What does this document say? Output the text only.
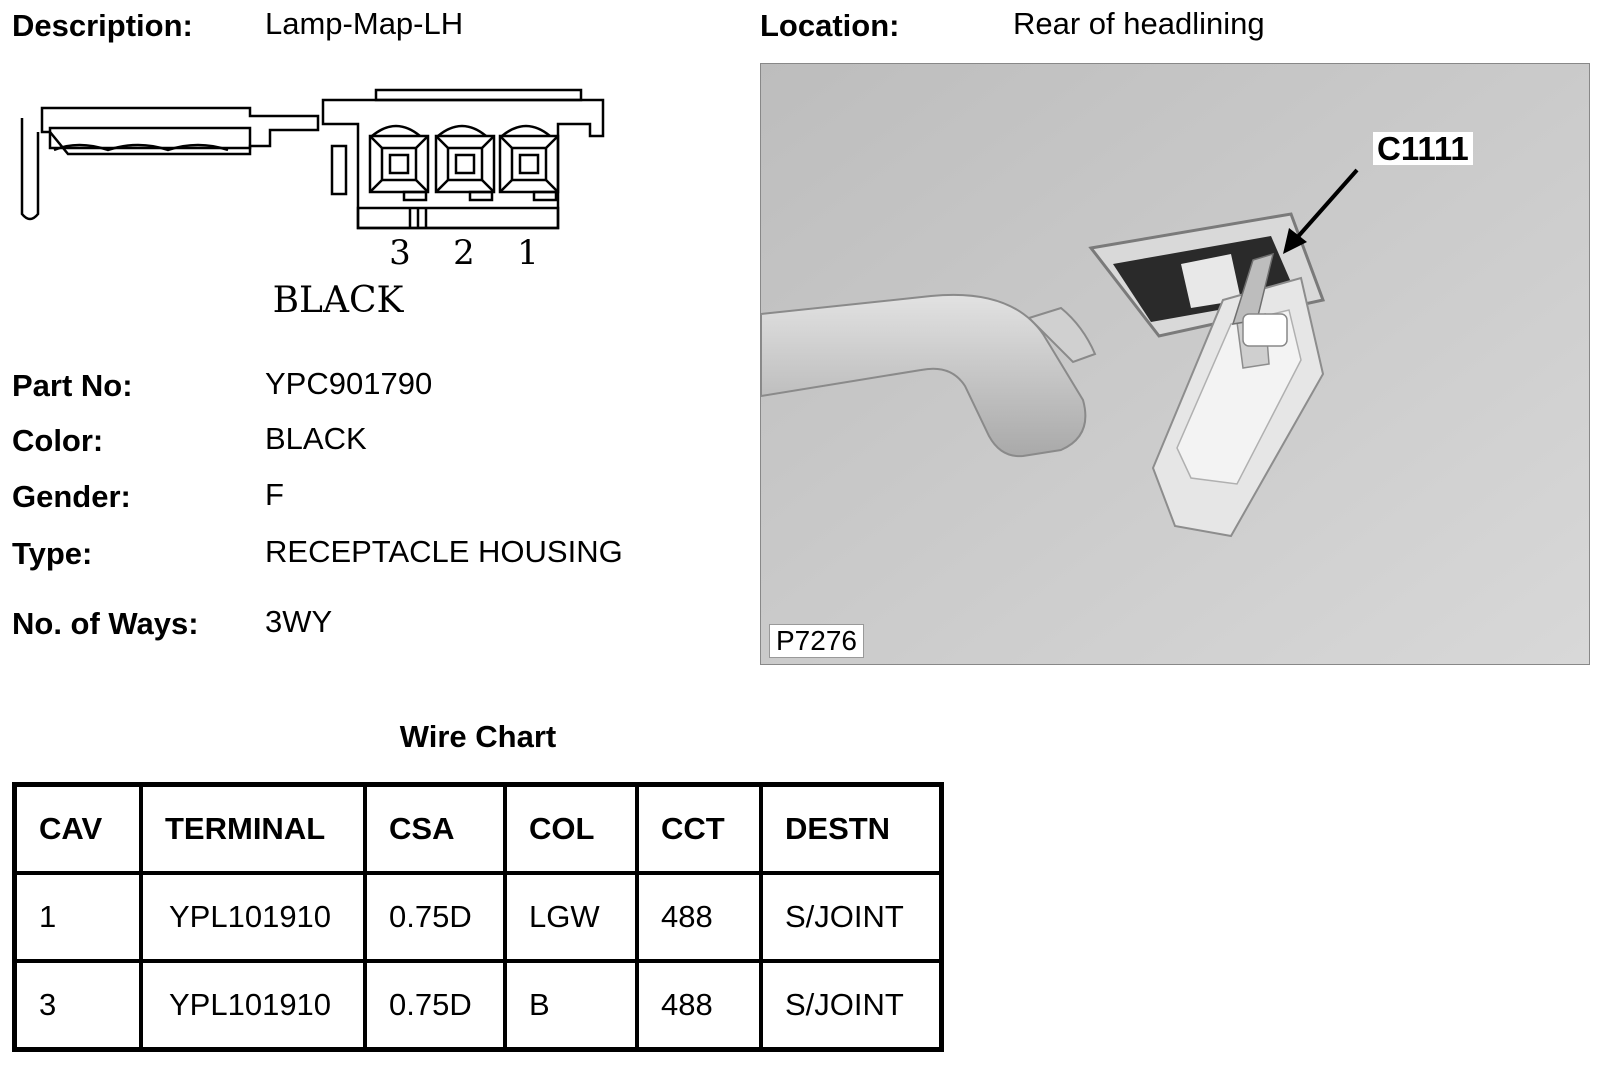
Description: Lamp-Map-LH	Location:	Rear of headlining
3 2 1
BLACK
Part No:	YPC901790
Color:	BLACK
Gender:	F
Type:	RECEPTACLE HOUSING
No. of Ways: 3WY
C1111
P7276
Wire Chart
CAV	TERMINAL	CSA	COL	CCT	DESTN
1	YPL101910	0.75D	LGW	488	S/JOINT
3	YPL101910	0.75D	B	488	S/JOINT
